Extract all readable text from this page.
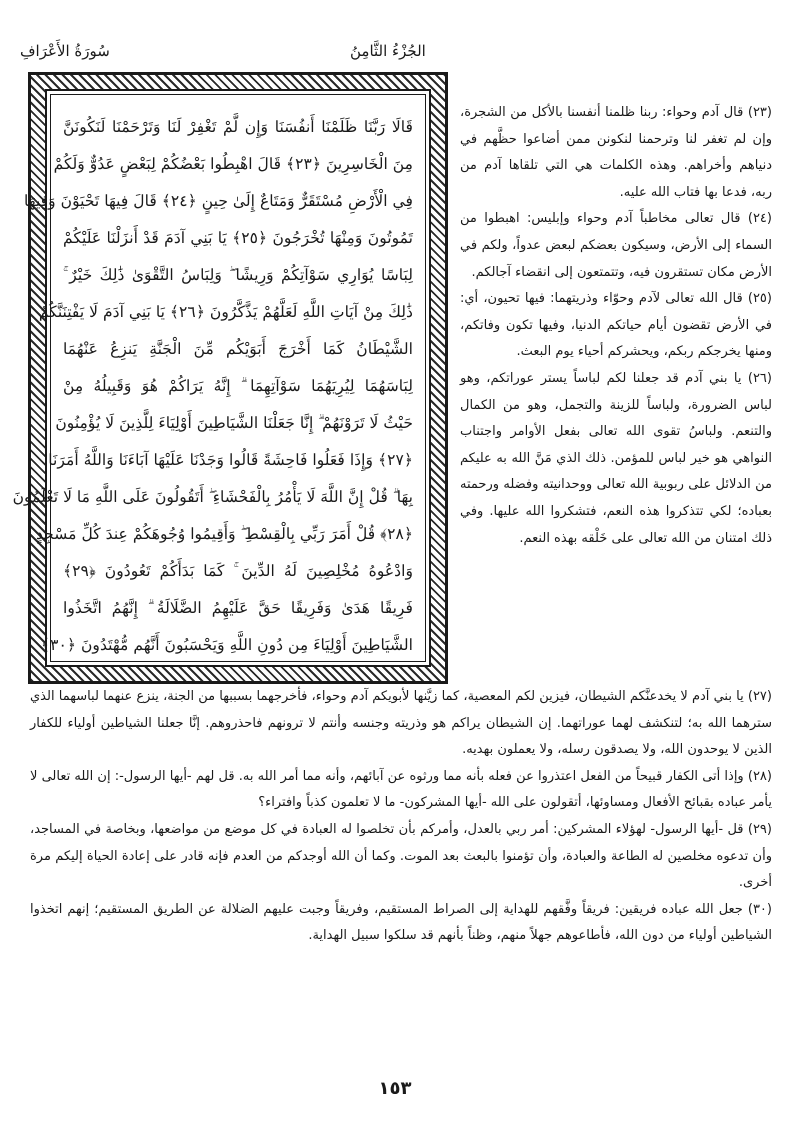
سُورَةُ الأَعْرَافِ	الجُزْءُ الثَّامِنُ
قَالَا رَبَّنَا ظَلَمْنَا أَنفُسَنَا وَإِن لَّمْ تَغْفِرْ لَنَا وَتَرْحَمْنَا لَنَكُونَنَّ
مِنَ الْخَاسِرِينَ ﴿٢٣﴾ قَالَ اهْبِطُوا بَعْضُكُمْ لِبَعْضٍ عَدُوٌّ وَلَكُمْ
فِي الْأَرْضِ مُسْتَقَرٌّ وَمَتَاعٌ إِلَىٰ حِينٍ ﴿٢٤﴾ قَالَ فِيهَا تَحْيَوْنَ وَفِيهَا
تَمُوتُونَ وَمِنْهَا تُخْرَجُونَ ﴿٢٥﴾ يَا بَنِي آدَمَ قَدْ أَنزَلْنَا عَلَيْكُمْ
لِبَاسًا يُوَارِي سَوْآتِكُمْ وَرِيشًا ۖ وَلِبَاسُ التَّقْوَىٰ ذَٰلِكَ خَيْرٌ ۚ
ذَٰلِكَ مِنْ آيَاتِ اللَّهِ لَعَلَّهُمْ يَذَّكَّرُونَ ﴿٢٦﴾ يَا بَنِي آدَمَ لَا يَفْتِنَنَّكُمُ
الشَّيْطَانُ كَمَا أَخْرَجَ أَبَوَيْكُم مِّنَ الْجَنَّةِ يَنزِعُ عَنْهُمَا
لِبَاسَهُمَا لِيُرِيَهُمَا سَوْآتِهِمَا ۗ إِنَّهُ يَرَاكُمْ هُوَ وَقَبِيلُهُ مِنْ
حَيْثُ لَا تَرَوْنَهُمْ ۗ إِنَّا جَعَلْنَا الشَّيَاطِينَ أَوْلِيَاءَ لِلَّذِينَ لَا يُؤْمِنُونَ
﴿٢٧﴾ وَإِذَا فَعَلُوا فَاحِشَةً قَالُوا وَجَدْنَا عَلَيْهَا آبَاءَنَا وَاللَّهُ أَمَرَنَا
بِهَا ۗ قُلْ إِنَّ اللَّهَ لَا يَأْمُرُ بِالْفَحْشَاءِ ۖ أَتَقُولُونَ عَلَى اللَّهِ مَا لَا تَعْلَمُونَ
﴿٢٨﴾ قُلْ أَمَرَ رَبِّي بِالْقِسْطِ ۖ وَأَقِيمُوا وُجُوهَكُمْ عِندَ كُلِّ مَسْجِدٍ
وَادْعُوهُ مُخْلِصِينَ لَهُ الدِّينَ ۚ كَمَا بَدَأَكُمْ تَعُودُونَ ﴿٢٩﴾
فَرِيقًا هَدَىٰ وَفَرِيقًا حَقَّ عَلَيْهِمُ الضَّلَالَةُ ۗ إِنَّهُمُ اتَّخَذُوا
الشَّيَاطِينَ أَوْلِيَاءَ مِن دُونِ اللَّهِ وَيَحْسَبُونَ أَنَّهُم مُّهْتَدُونَ ﴿٣٠﴾

(٢٣) قال آدم وحواء: ربنا ظلمنا أنفسنا بالأكل من الشجرة، وإن لم تغفر لنا وترحمنا لنكونن ممن أضاعوا حظَّهم في دنياهم وأخراهم. وهذه الكلمات هي التي تلقاها آدم من ربه، فدعا بها فتاب الله عليه.

(٢٤) قال تعالى مخاطباً آدم وحواء وإبليس: اهبطوا من السماء إلى الأرض، وسيكون بعضكم لبعض عدواً، ولكم في الأرض مكان تستقرون فيه، وتتمتعون إلى انقضاء آجالكم.

(٢٥) قال الله تعالى لآدم وحوّاء وذريتهما: فيها تحيون، أي: في الأرض تقضون أيام حياتكم الدنيا، وفيها تكون وفاتكم، ومنها يخرجكم ربكم، ويحشركم أحياء يوم البعث.

(٢٦) يا بني آدم قد جعلنا لكم لباساً يستر عوراتكم، وهو لباس الضرورة، ولباساً للزينة والتجمل، وهو من الكمال والتنعم. ولباسُ تقوى الله تعالى بفعل الأوامر واجتناب النواهي هو خير لباس للمؤمن. ذلك الذي مَنَّ الله به عليكم من الدلائل على ربوبية الله تعالى ووحدانيته وفضله ورحمته بعباده؛ لكي تتذكروا هذه النعم، فتشكروا الله عليها. وفي ذلك امتنان من الله تعالى على خَلْقه بهذه النعم.

(٢٧) يا بني آدم لا يخدعنَّكم الشيطان، فيزين لكم المعصية، كما زيَّنها لأبويكم آدم وحواء، فأخرجهما بسببها من الجنة، ينزع عنهما لباسهما الذي سترهما الله به؛ لتنكشف لهما عوراتهما. إن الشيطان يراكم هو وذريته وجنسه وأنتم لا ترونهم فاحذروهم. إنَّا جعلنا الشياطين أولياء للكفار الذين لا يوحدون الله، ولا يصدقون رسله، ولا يعملون بهديه.

(٢٨) وإذا أتى الكفار قبيحاً من الفعل اعتذروا عن فعله بأنه مما ورثوه عن آبائهم، وأنه مما أمر الله به. قل لهم -أيها الرسول-: إن الله تعالى لا يأمر عباده بقبائح الأفعال ومساوئها، أتقولون على الله -أيها المشركون- ما لا تعلمون كذباً وافتراء؟

(٢٩) قل -أيها الرسول- لهؤلاء المشركين: أمر ربي بالعدل، وأمركم بأن تخلصوا له العبادة في كل موضع من مواضعها، وبخاصة في المساجد، وأن تدعوه مخلصين له الطاعة والعبادة، وأن تؤمنوا بالبعث بعد الموت. وكما أن الله أوجدكم من العدم فإنه قادر على إعادة الحياة إليكم مرة أخرى.

(٣٠) جعل الله عباده فريقين: فريقاً وفَّقهم للهداية إلى الصراط المستقيم، وفريقاً وجبت عليهم الضلالة عن الطريق المستقيم؛ إنهم اتخذوا الشياطين أولياء من دون الله، فأطاعوهم جهلاً منهم، وظناً بأنهم قد سلكوا سبيل الهداية.

١٥٣
